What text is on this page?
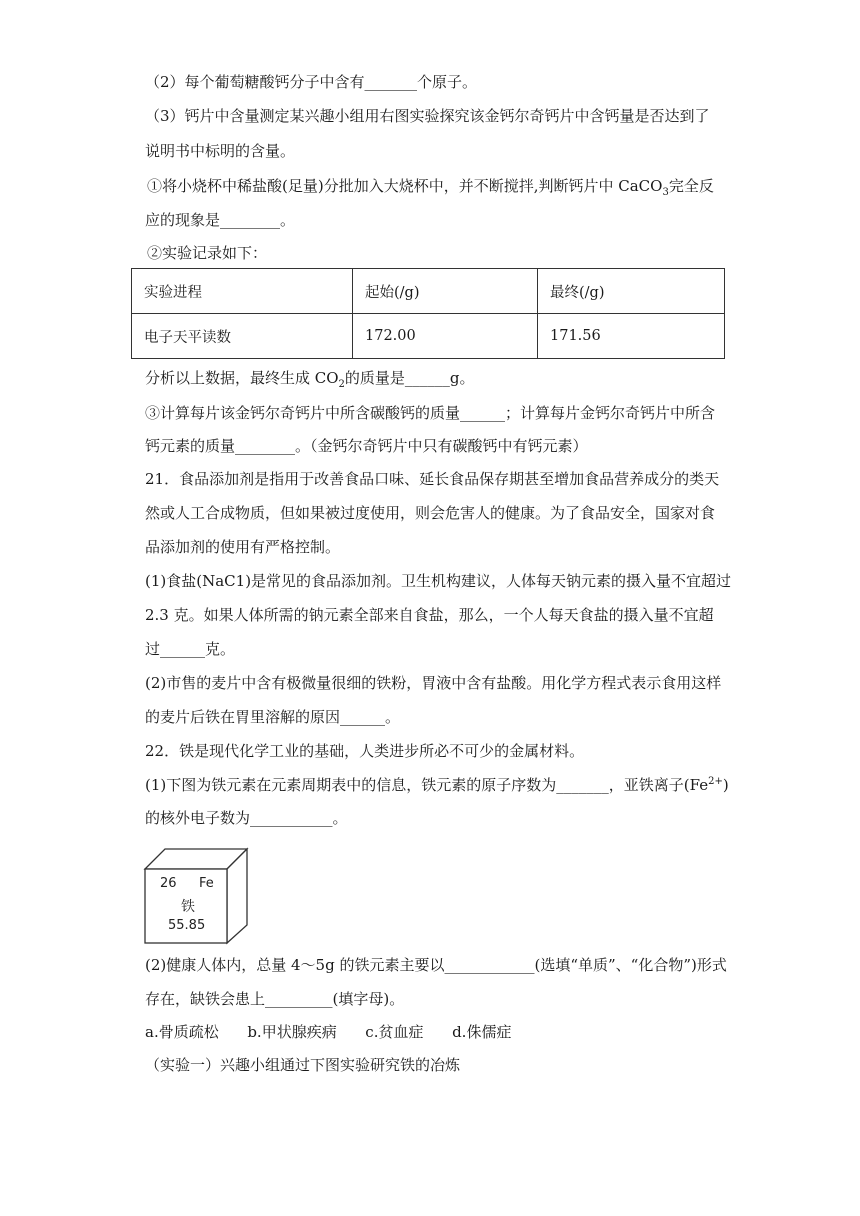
（2）每个葡萄糖酸钙分子中含有_______个原子。
（3）钙片中含量测定某兴趣小组用右图实验探究该金钙尔奇钙片中含钙量是否达到了
说明书中标明的含量。
①将小烧杯中稀盐酸(足量)分批加入大烧杯中，并不断搅拌,判断钙片中 CaCO$_3$完全反
应的现象是________。
②实验记录如下：
实验进程	起始(/g)	最终(/g)
电子天平读数	172.00	171.56
分析以上数据，最终生成 $CO_2$的质量是______g。
③计算每片该金钙尔奇钙片中所含碳酸钙的质量______；计算每片金钙尔奇钙片中所含
钙元素的质量________。（金钙尔奇钙片中只有碳酸钙中有钙元素）
21．食品添加剂是指用于改善食品口味、延长食品保存期甚至增加食品营养成分的类天
然或人工合成物质，但如果被过度使用，则会危害人的健康。为了食品安全，国家对食
品添加剂的使用有严格控制。
(1)食盐(NaC1)是常见的食品添加剂。卫生机构建议，人体每天钠元素的摄入量不宜超过
2.3 克。如果人体所需的钠元素全部来自食盐，那么，一个人每天食盐的摄入量不宜超
过______克。
(2)市售的麦片中含有极微量很细的铁粉，胃液中含有盐酸。用化学方程式表示食用这样
的麦片后铁在胃里溶解的原因______。
22．铁是现代化学工业的基础，人类进步所必不可少的金属材料。
(1)下图为铁元素在元素周期表中的信息，铁元素的原子序数为_______，亚铁离子$(Fe^{2+})$
的核外电子数为___________。
26 Fe
铁
55.85
(2)健康人体内，总量 4～5g 的铁元素主要以____________(选填“单质”、“化合物”)形式
存在，缺铁会患上_________(填字母)。
a.骨质疏松      b.甲状腺疾病      c.贫血症      d.侏儒症
（实验一）兴趣小组通过下图实验研究铁的冶炼
